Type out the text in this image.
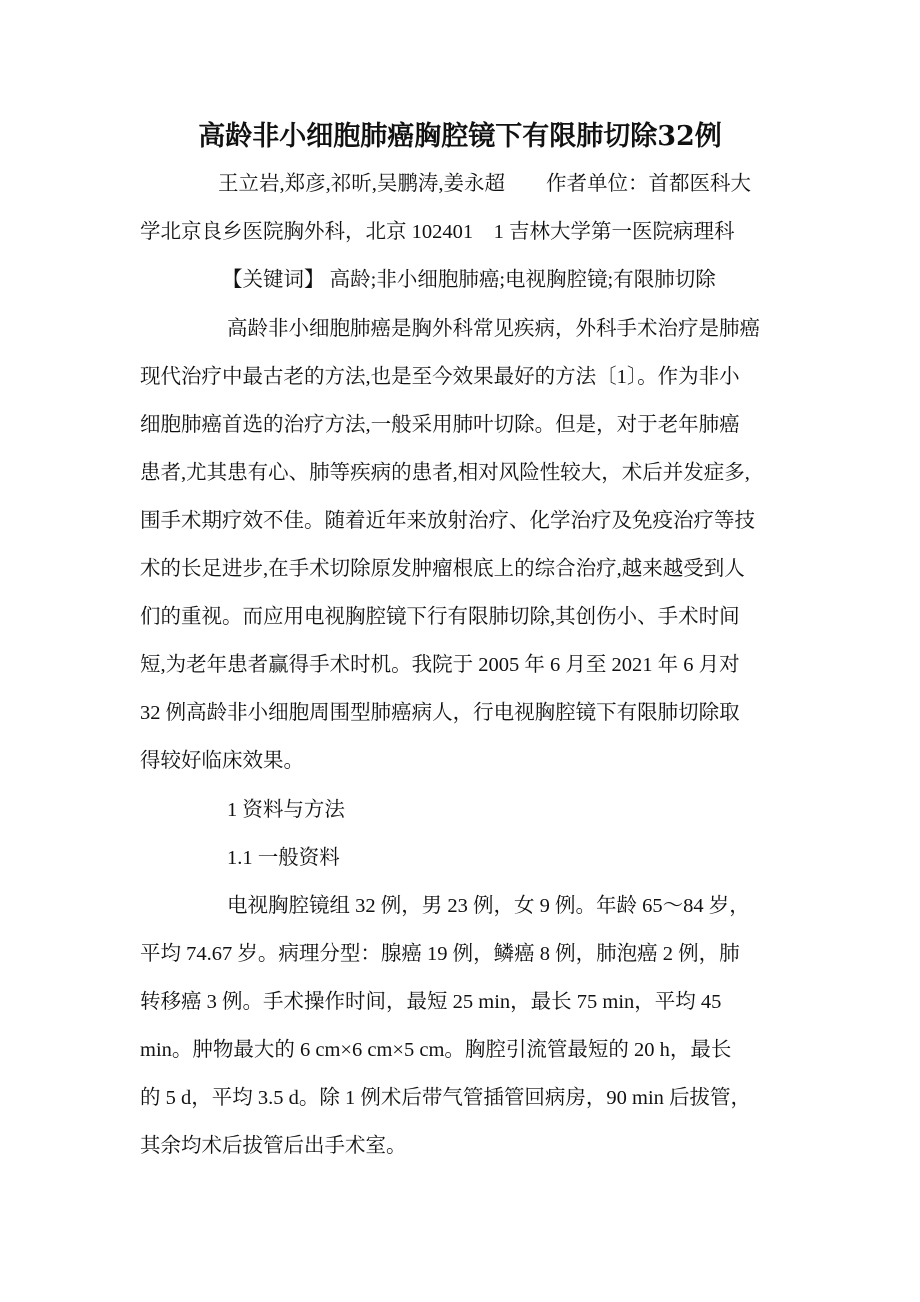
高龄非小细胞肺癌胸腔镜下有限肺切除32例
王立岩,郑彦,祁昕,吴鹏涛,姜永超　　作者单位：首都医科大
学北京良乡医院胸外科，北京 102401　1 吉林大学第一医院病理科
【关键词】 高龄;非小细胞肺癌;电视胸腔镜;有限肺切除
高龄非小细胞肺癌是胸外科常见疾病，外科手术治疗是肺癌
现代治疗中最古老的方法,也是至今效果最好的方法〔1〕。作为非小
细胞肺癌首选的治疗方法,一般采用肺叶切除。但是，对于老年肺癌
患者,尤其患有心、肺等疾病的患者,相对风险性较大，术后并发症多,
围手术期疗效不佳。随着近年来放射治疗、化学治疗及免疫治疗等技
术的长足进步,在手术切除原发肿瘤根底上的综合治疗,越来越受到人
们的重视。而应用电视胸腔镜下行有限肺切除,其创伤小、手术时间
短,为老年患者赢得手术时机。我院于 2005 年 6 月至 2021 年 6 月对
32 例高龄非小细胞周围型肺癌病人，行电视胸腔镜下有限肺切除取
得较好临床效果。
1 资料与方法
1.1 一般资料
电视胸腔镜组 32 例，男 23 例，女 9 例。年龄 65～84 岁，
平均 74.67 岁。病理分型：腺癌 19 例，鳞癌 8 例，肺泡癌 2 例，肺
转移癌 3 例。手术操作时间，最短 25 min，最长 75 min，平均 45
min。肿物最大的 6 cm×6 cm×5 cm。胸腔引流管最短的 20 h，最长
的 5 d，平均 3.5 d。除 1 例术后带气管插管回病房，90 min 后拔管，
其余均术后拔管后出手术室。
